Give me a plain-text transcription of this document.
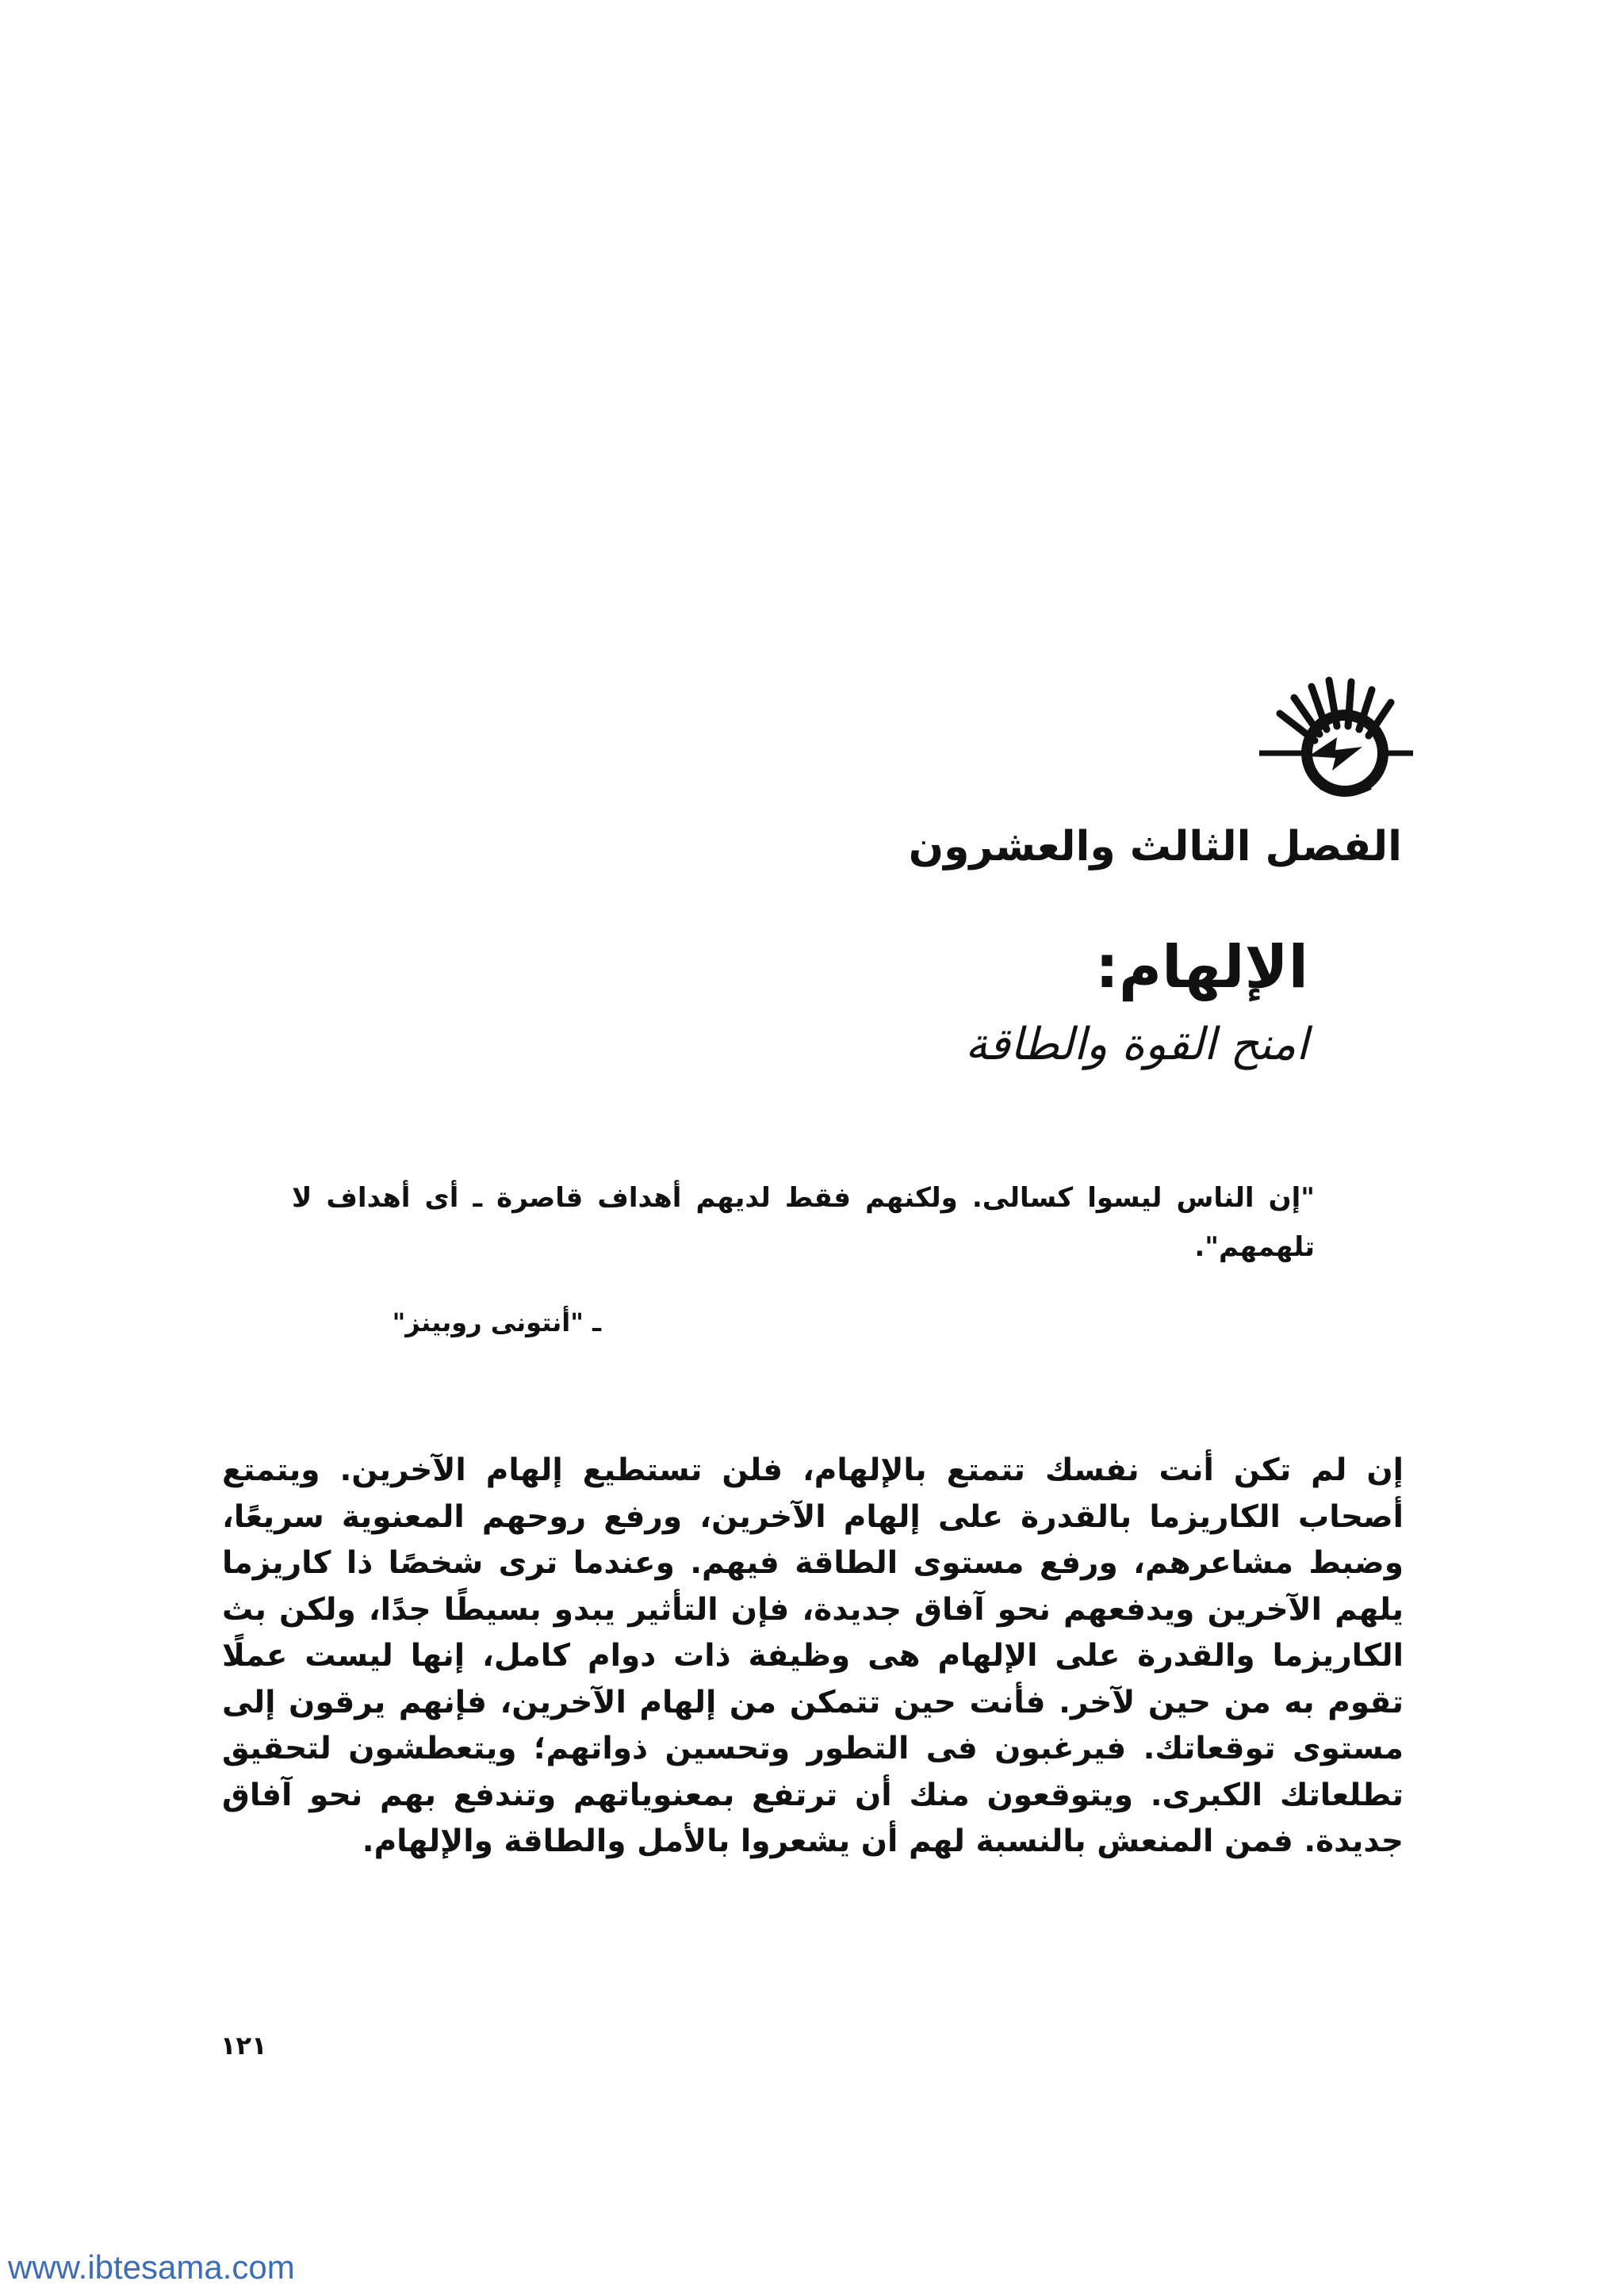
الفصل الثالث والعشرون
الإلهام:
امنح القوة والطاقة
"إن الناس ليسوا كسالى. ولكنهم فقط لديهم أهداف قاصرة ـ أى أهداف لا تلهمهم".
ـ "أنتونى روبينز"
إن لم تكن أنت نفسك تتمتع بالإلهام، فلن تستطيع إلهام الآخرين. ويتمتع أصحاب الكاريزما بالقدرة على إلهام الآخرين، ورفع روحهم المعنوية سريعًا، وضبط مشاعرهم، ورفع مستوى الطاقة فيهم. وعندما ترى شخصًا ذا كاريزما يلهم الآخرين ويدفعهم نحو آفاق جديدة، فإن التأثير يبدو بسيطًا جدًا، ولكن بث الكاريزما والقدرة على الإلهام هى وظيفة ذات دوام كامل، إنها ليست عملًا تقوم به من حين لآخر. فأنت حين تتمكن من إلهام الآخرين، فإنهم يرقون إلى مستوى توقعاتك. فيرغبون فى التطور وتحسين ذواتهم؛ ويتعطشون لتحقيق تطلعاتك الكبرى. ويتوقعون منك أن ترتفع بمعنوياتهم وتندفع بهم نحو آفاق جديدة. فمن المنعش بالنسبة لهم أن يشعروا بالأمل والطاقة والإلهام.
١٢١
www.ibtesama.com
